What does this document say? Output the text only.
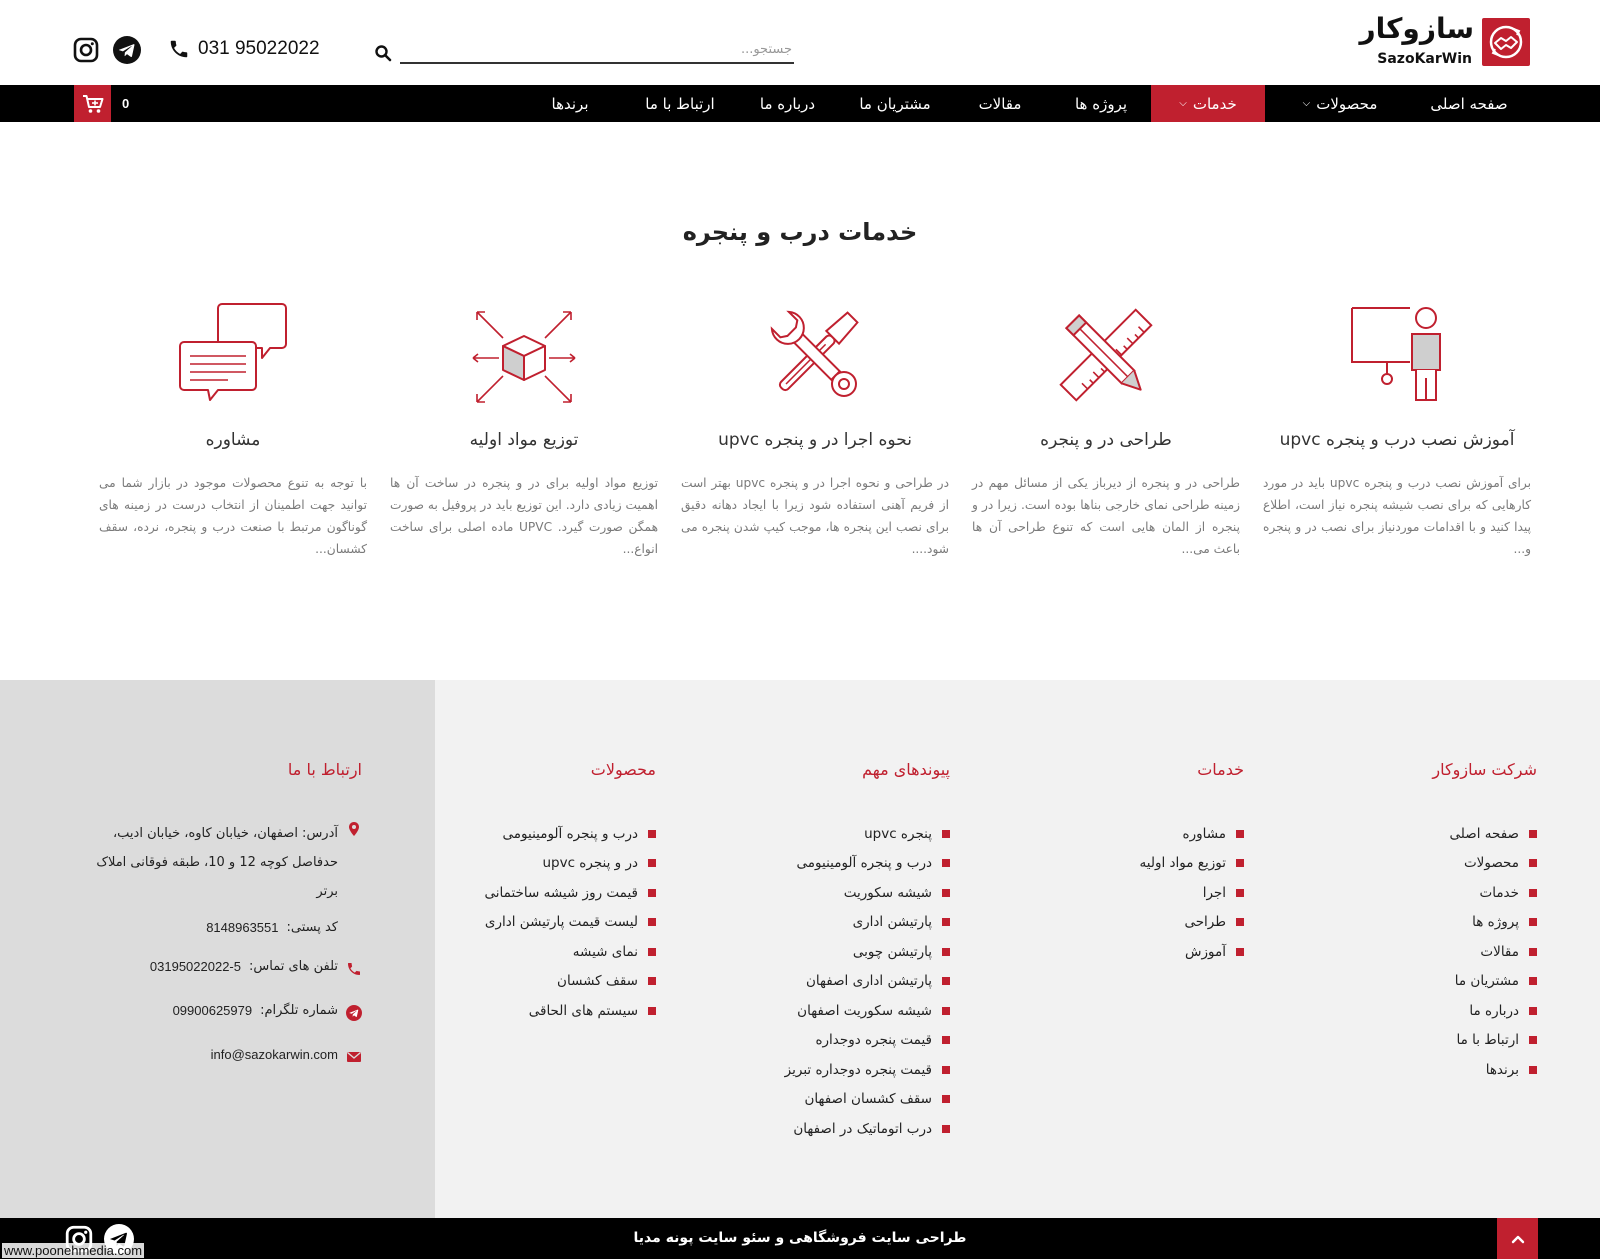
سازوکار
SazoKarWin
جستجو...
031 95022022
صفحه اصلی
محصولات
⌵
خدمات
⌵
پروژه ها
مقالات
مشتریان ما
درباره ما
ارتباط با ما
برندها
0
خدمات درب و پنجره
آموزش نصب درب و پنجره upvc

برای آموزش نصب درب و پنجره upvc باید در مورد کارهایی که برای نصب شیشه پنجره نیاز است، اطلاع پیدا کنید و با اقدامات موردنیاز برای نصب در و پنجره و...

طراحی در و پنجره

طراحی در و پنجره از دیرباز یکی از مسائل مهم در زمینه طراحی نمای خارجی بناها بوده است. زیرا در و پنجره از المان هایی است که تنوع طراحی آن ها باعث می...

نحوه اجرا در و پنجره upvc

در طراحی و نحوه اجرا در و پنجره upvc بهتر است از فریم آهنی استفاده شود زیرا با ایجاد دهانه دقیق برای نصب این پنجره ها، موجب کیپ شدن پنجره می شود....

توزیع مواد اولیه

توزیع مواد اولیه برای در و پنجره در ساخت آن ها اهمیت زیادی دارد. این توزیع باید در پروفیل به صورت همگن صورت گیرد. UPVC ماده اصلی برای ساخت انواع...

مشاوره

با توجه به تنوع محصولات موجود در بازار شما می توانید جهت اطمینان از انتخاب درست در زمینه های گوناگون مرتبط با صنعت درب و پنجره، نرده، سقف کشسان...

شرکت سازوکار
صفحه اصلی
محصولات
خدمات
پروژه ها
مقالات
مشتریان ما
درباره ما
ارتباط با ما
برندها
خدمات
مشاوره
توزیع مواد اولیه
اجرا
طراحی
آموزش
پیوندهای مهم
پنجره upvc
درب و پنجره آلومینیومی
شیشه سکوریت
پارتیشن اداری
پارتیشن چوبی
پارتیشن اداری اصفهان
شیشه سکوریت اصفهان
قیمت پنجره دوجداره
قیمت پنجره دوجداره تبریز
سقف کشسان اصفهان
درب اتوماتیک در اصفهان
محصولات
درب و پنجره آلومینیومی
در و پنجره upvc
قیمت روز شیشه ساختمانی
لیست قیمت پارتیشن اداری
نمای شیشه
سقف کشسان
سیستم های الحاقی
ارتباط با ما
آدرس: اصفهان، خیابان کاوه، خیابان ادیب،
حدفاصل کوچه 12 و 10، طبقه فوقانی املاک برتر
کد پستی:
8148963551
تلفن های تماس:
03195022022-5
شماره تلگرام:
09900625979
info@sazokarwin.com
طراحی سایت فروشگاهی و سئو سایت پونه مدیا
www.poonehmedia.com
